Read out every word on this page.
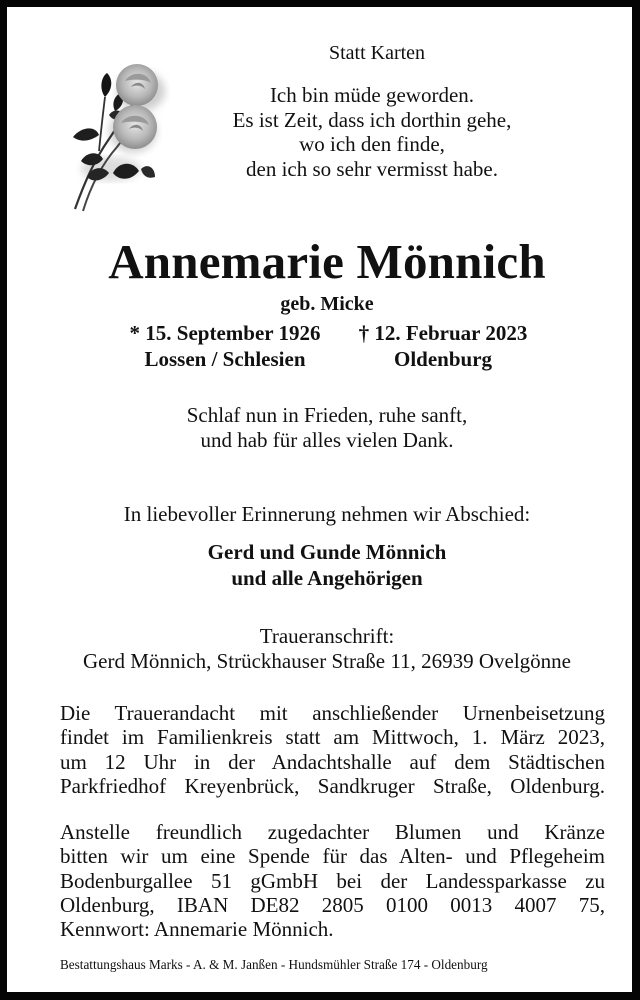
Statt Karten
Ich bin müde geworden.
Es ist Zeit, dass ich dorthin gehe,
wo ich den finde,
den ich so sehr vermisst habe.
Annemarie Mönnich
geb. Micke
* 15. September 1926
Lossen / Schlesien
† 12. Februar 2023
Oldenburg
Schlaf nun in Frieden, ruhe sanft,
und hab für alles vielen Dank.
In liebevoller Erinnerung nehmen wir Abschied:
Gerd und Gunde Mönnich
und alle Angehörigen
Traueranschrift:
Gerd Mönnich, Strückhauser Straße 11, 26939 Ovelgönne
Die Trauerandacht mit anschließender Urnenbeisetzung
findet im Familienkreis statt am Mittwoch, 1. März 2023,
um 12 Uhr in der Andachtshalle auf dem Städtischen
Parkfriedhof Kreyenbrück, Sandkruger Straße, Oldenburg.
Anstelle freundlich zugedachter Blumen und Kränze
bitten wir um eine Spende für das Alten- und Pflegeheim
Bodenburgallee 51 gGmbH bei der Landessparkasse zu
Oldenburg, IBAN DE82 2805 0100 0013 4007 75,
Kennwort: Annemarie Mönnich.
Bestattungshaus Marks - A. & M. Janßen - Hundsmühler Straße 174 - Oldenburg
